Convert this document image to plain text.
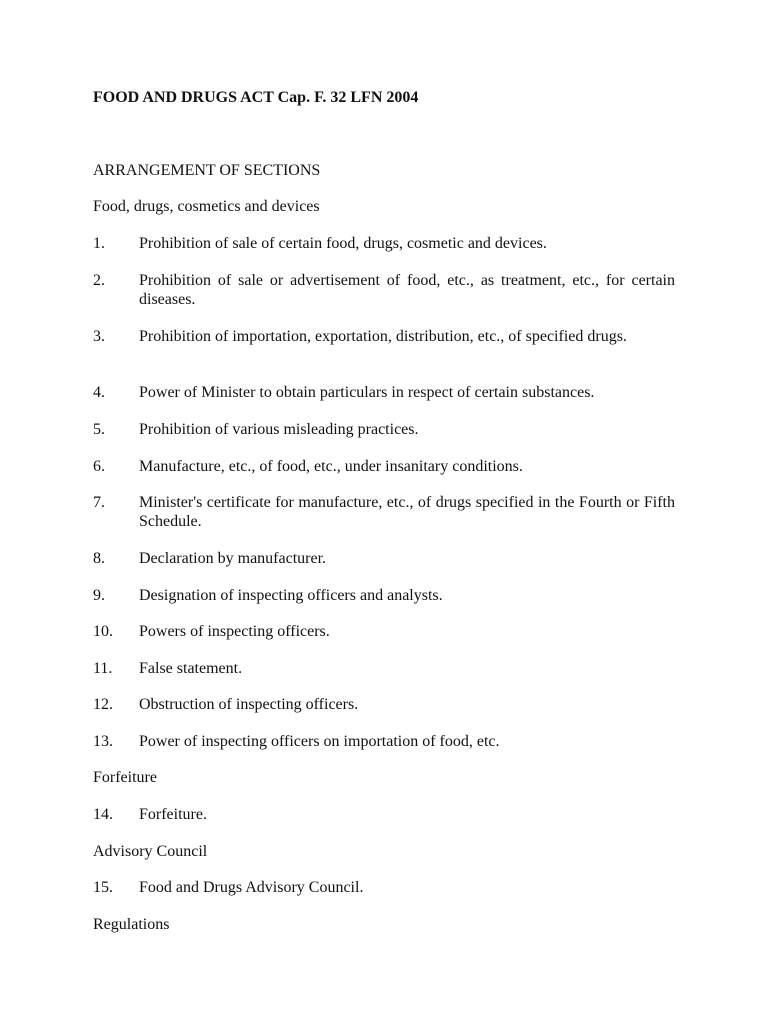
FOOD AND DRUGS ACT Cap. F. 32 LFN 2004
ARRANGEMENT OF SECTIONS
Food, drugs, cosmetics and devices
1.	Prohibition of sale of certain food, drugs, cosmetic and devices.
2.	Prohibition of sale or advertisement of food, etc., as treatment, etc., for certain diseases.
3.	Prohibition of importation, exportation, distribution, etc., of specified drugs.
4.	Power of Minister to obtain particulars in respect of certain substances.
5.	Prohibition of various misleading practices.
6.	Manufacture, etc., of food, etc., under insanitary conditions.
7.	Minister's certificate for manufacture, etc., of drugs specified in the Fourth or Fifth Schedule.
8.	Declaration by manufacturer.
9.	Designation of inspecting officers and analysts.
10.	Powers of inspecting officers.
11.	False statement.
12.	Obstruction of inspecting officers.
13.	Power of inspecting officers on importation of food, etc.
Forfeiture
14.	Forfeiture.
Advisory Council
15.	Food and Drugs Advisory Council.
Regulations
